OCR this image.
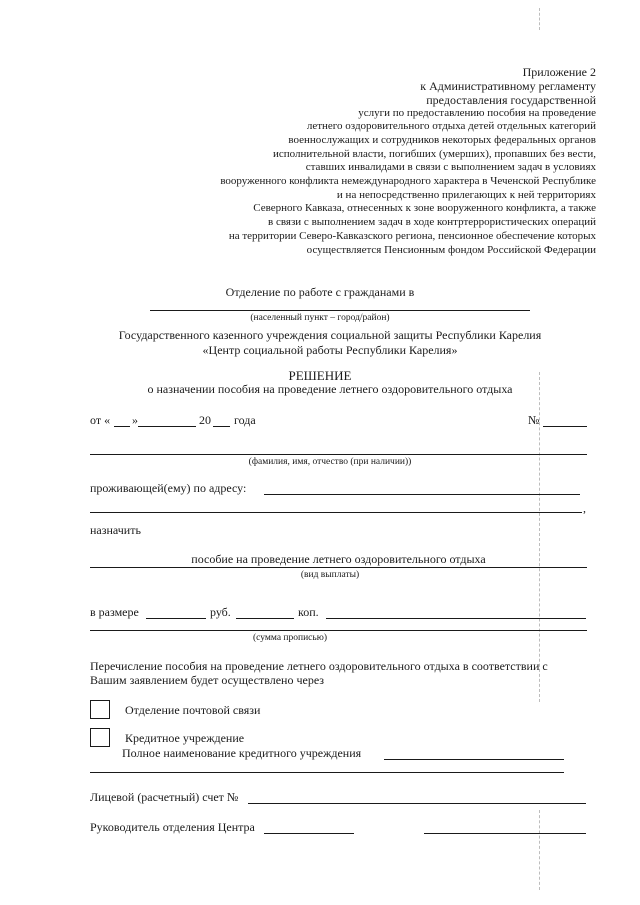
Приложение 2
к Административному регламенту
предоставления государственной
услуги по предоставлению пособия на проведение
летнего оздоровительного отдыха детей отдельных категорий
военнослужащих и сотрудников некоторых федеральных органов
исполнительной власти, погибших (умерших), пропавших без вести,
ставших инвалидами в связи с выполнением задач в условиях
вооруженного конфликта немеждународного характера в Чеченской Республике
и на непосредственно прилегающих к ней территориях
Северного Кавказа, отнесенных к зоне вооруженного конфликта, а также
в связи с выполнением задач в ходе контртеррористических операций
на территории Северо-Кавказского региона, пенсионное обеспечение которых
осуществляется Пенсионным фондом Российской Федерации
Отделение по работе с гражданами в
(населенный пункт – город/район)
Государственного казенного учреждения социальной защиты Республики Карелия
«Центр социальной работы Республики Карелия»
РЕШЕНИЕ
о назначении пособия на проведение летнего оздоровительного отдыха
от « »	20 года	№
(фамилия, имя, отчество (при наличии))
проживающей(ему) по адресу:
,
назначить
пособие на проведение летнего оздоровительного отдыха
(вид выплаты)
в размере	руб.	коп.
(сумма прописью)
Перечисление пособия на проведение летнего оздоровительного отдыха в соответствии с
Вашим заявлением будет осуществлено через
Отделение почтовой связи
Кредитное учреждение
Полное наименование кредитного учреждения
Лицевой (расчетный) счет №
Руководитель отделения Центра
